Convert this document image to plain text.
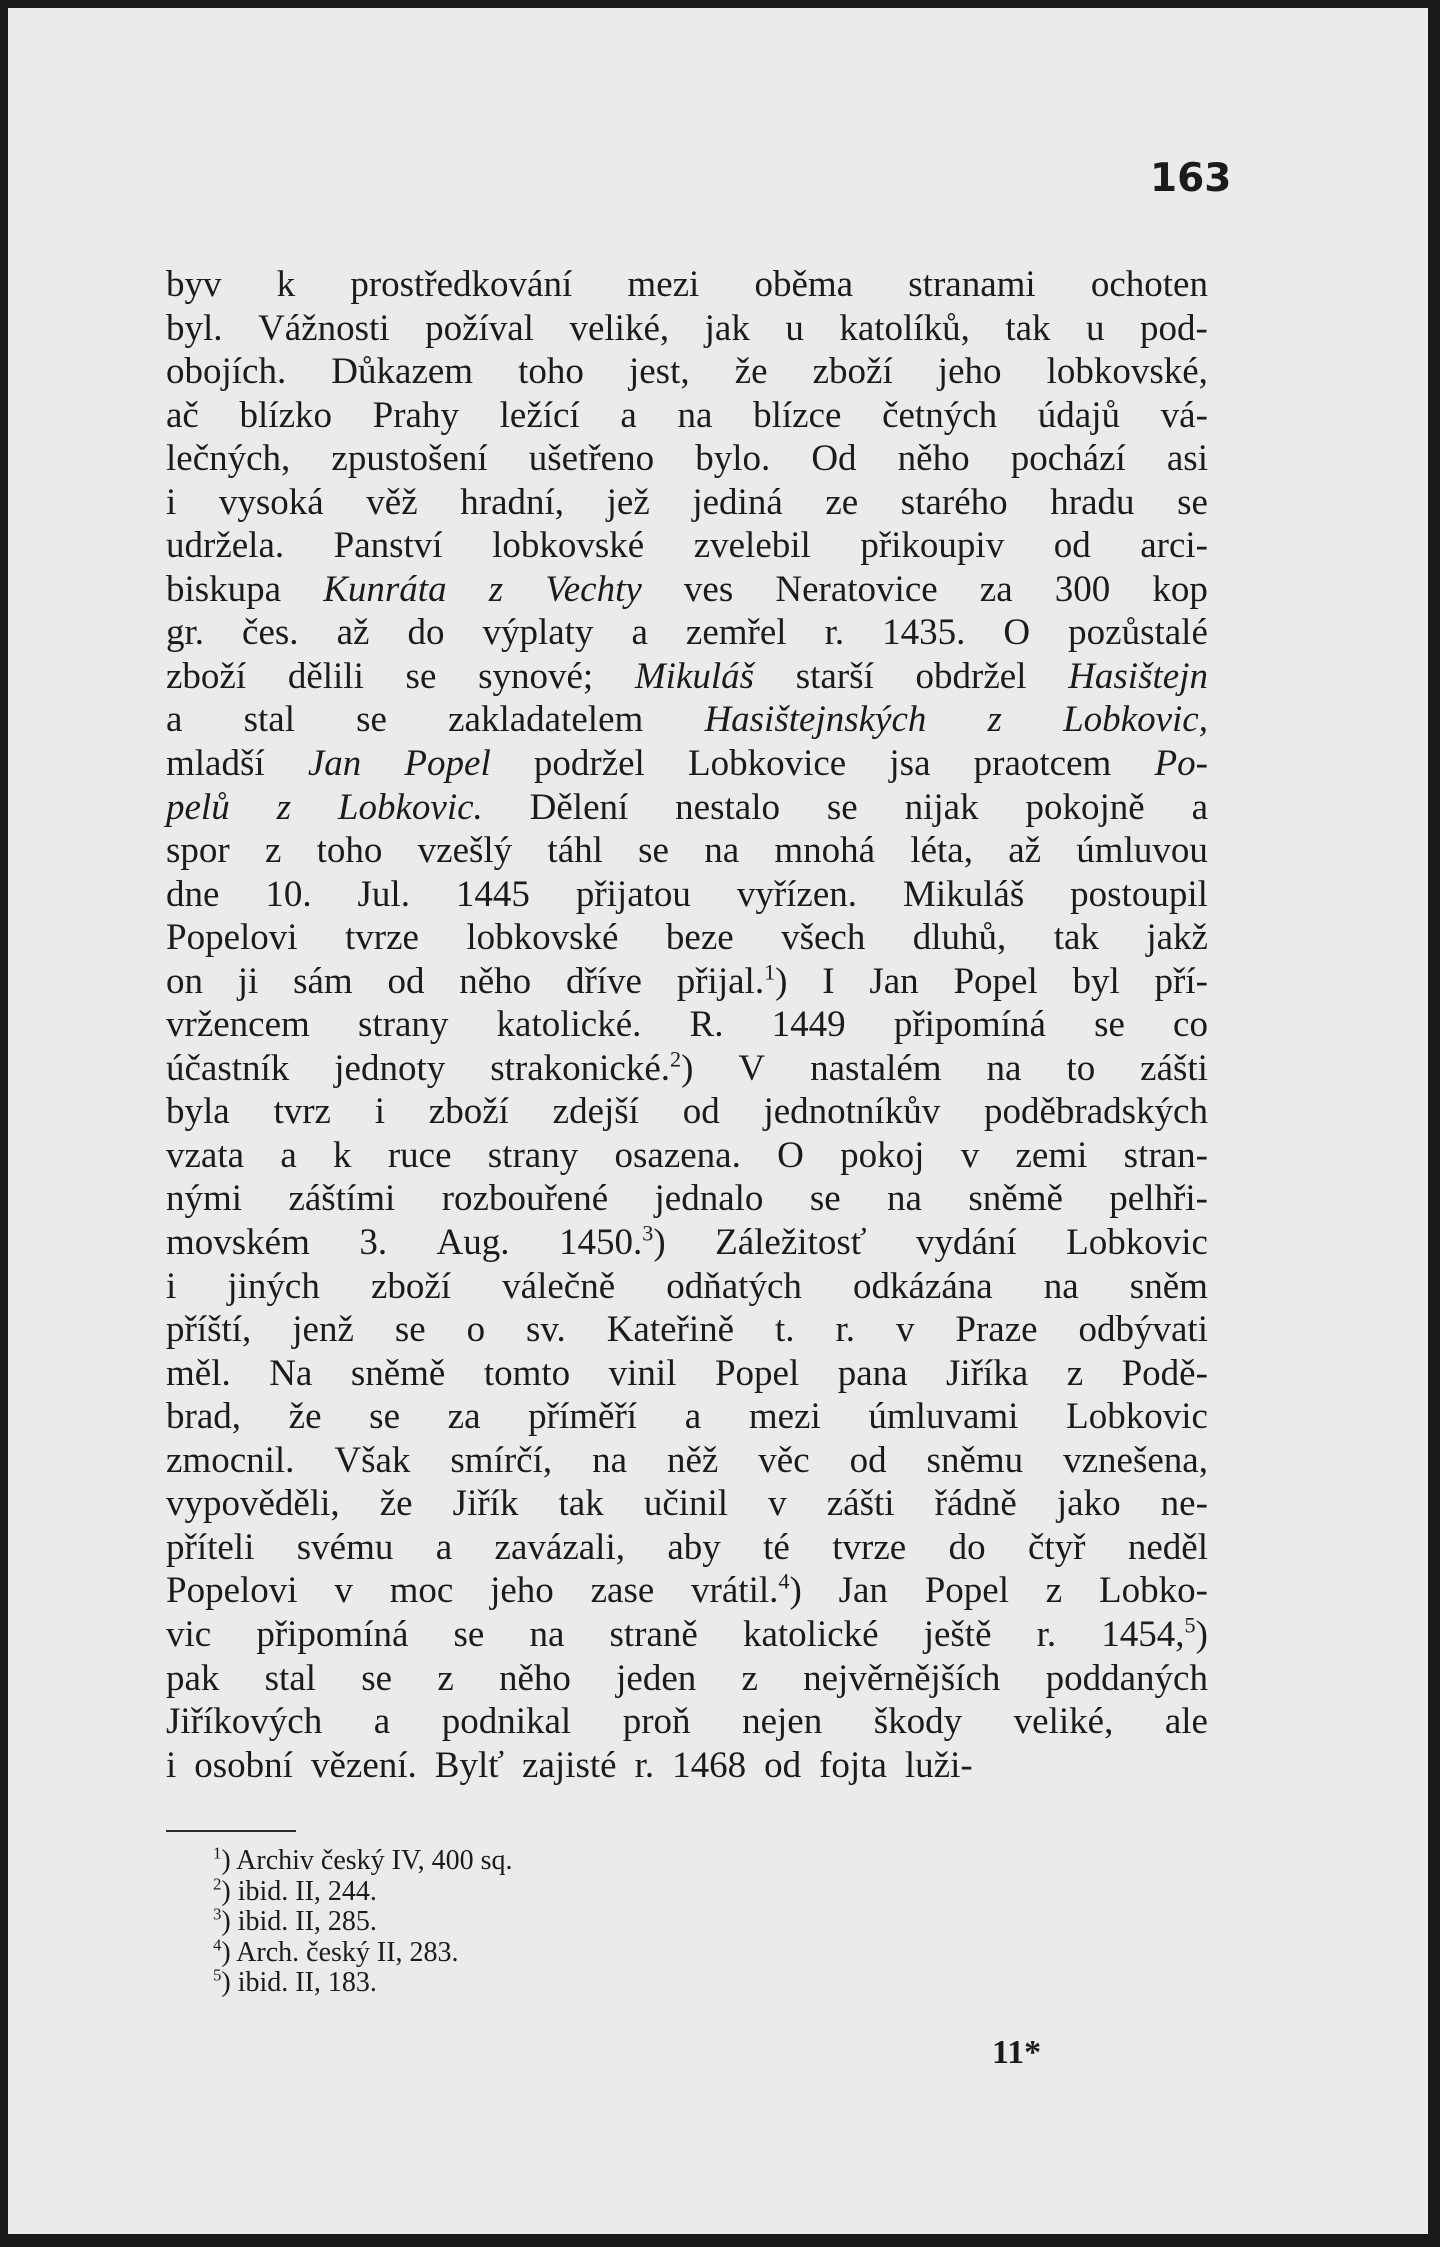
163
byv k prostředkování mezi oběma stranami ochoten
byl. Vážnosti požíval veliké, jak u katolíků, tak u pod-
obojích. Důkazem toho jest, že zboží jeho lobkovské,
ač blízko Prahy ležící a na blízce četných údajů vá-
lečných, zpustošení ušetřeno bylo. Od něho pochází asi
i vysoká věž hradní, jež jediná ze starého hradu se
udržela. Panství lobkovské zvelebil přikoupiv od arci-
biskupa Kunráta z Vechty ves Neratovice za 300 kop
gr. čes. až do výplaty a zemřel r. 1435. O pozůstalé
zboží dělili se synové; Mikuláš starší obdržel Hasištejn
a stal se zakladatelem Hasištejnských z Lobkovic,
mladší Jan Popel podržel Lobkovice jsa praotcem Po-
pelů z Lobkovic. Dělení nestalo se nijak pokojně a
spor z toho vzešlý táhl se na mnohá léta, až úmluvou
dne 10. Jul. 1445 přijatou vyřízen. Mikuláš postoupil
Popelovi tvrze lobkovské beze všech dluhů, tak jakž
on ji sám od něho dříve přijal.$^1$) I Jan Popel byl pří-
vržencem strany katolické. R. 1449 připomíná se co
účastník jednoty strakonické.$^2$) V nastalém na to zášti
byla tvrz i zboží zdejší od jednotníkův poděbradských
vzata a k ruce strany osazena. O pokoj v zemi stran-
nými záštími rozbouřené jednalo se na sněmě pelhři-
movském 3. Aug. 1450.$^3$) Záležitosť vydání Lobkovic
i jiných zboží válečně odňatých odkázána na sněm
příští, jenž se o sv. Kateřině t. r. v Praze odbývati
měl. Na sněmě tomto vinil Popel pana Jiříka z Podě-
brad, že se za příměří a mezi úmluvami Lobkovic
zmocnil. Však smírčí, na něž věc od sněmu vznešena,
vypověděli, že Jiřík tak učinil v zášti řádně jako ne-
příteli svému a zavázali, aby té tvrze do čtyř neděl
Popelovi v moc jeho zase vrátil.$^4$) Jan Popel z Lobko-
vic připomíná se na straně katolické ještě r. 1454,$^5$)
pak stal se z něho jeden z nejvěrnějších poddaných
Jiříkových a podnikal proň nejen škody veliké, ale
i osobní vězení. Bylť zajisté r. 1468 od fojta luži-
$^1$) Archiv český IV, 400 sq.
$^2$) ibid. II, 244.
$^3$) ibid. II, 285.
$^4$) Arch. český II, 283.
$^5$) ibid. II, 183.
11*
